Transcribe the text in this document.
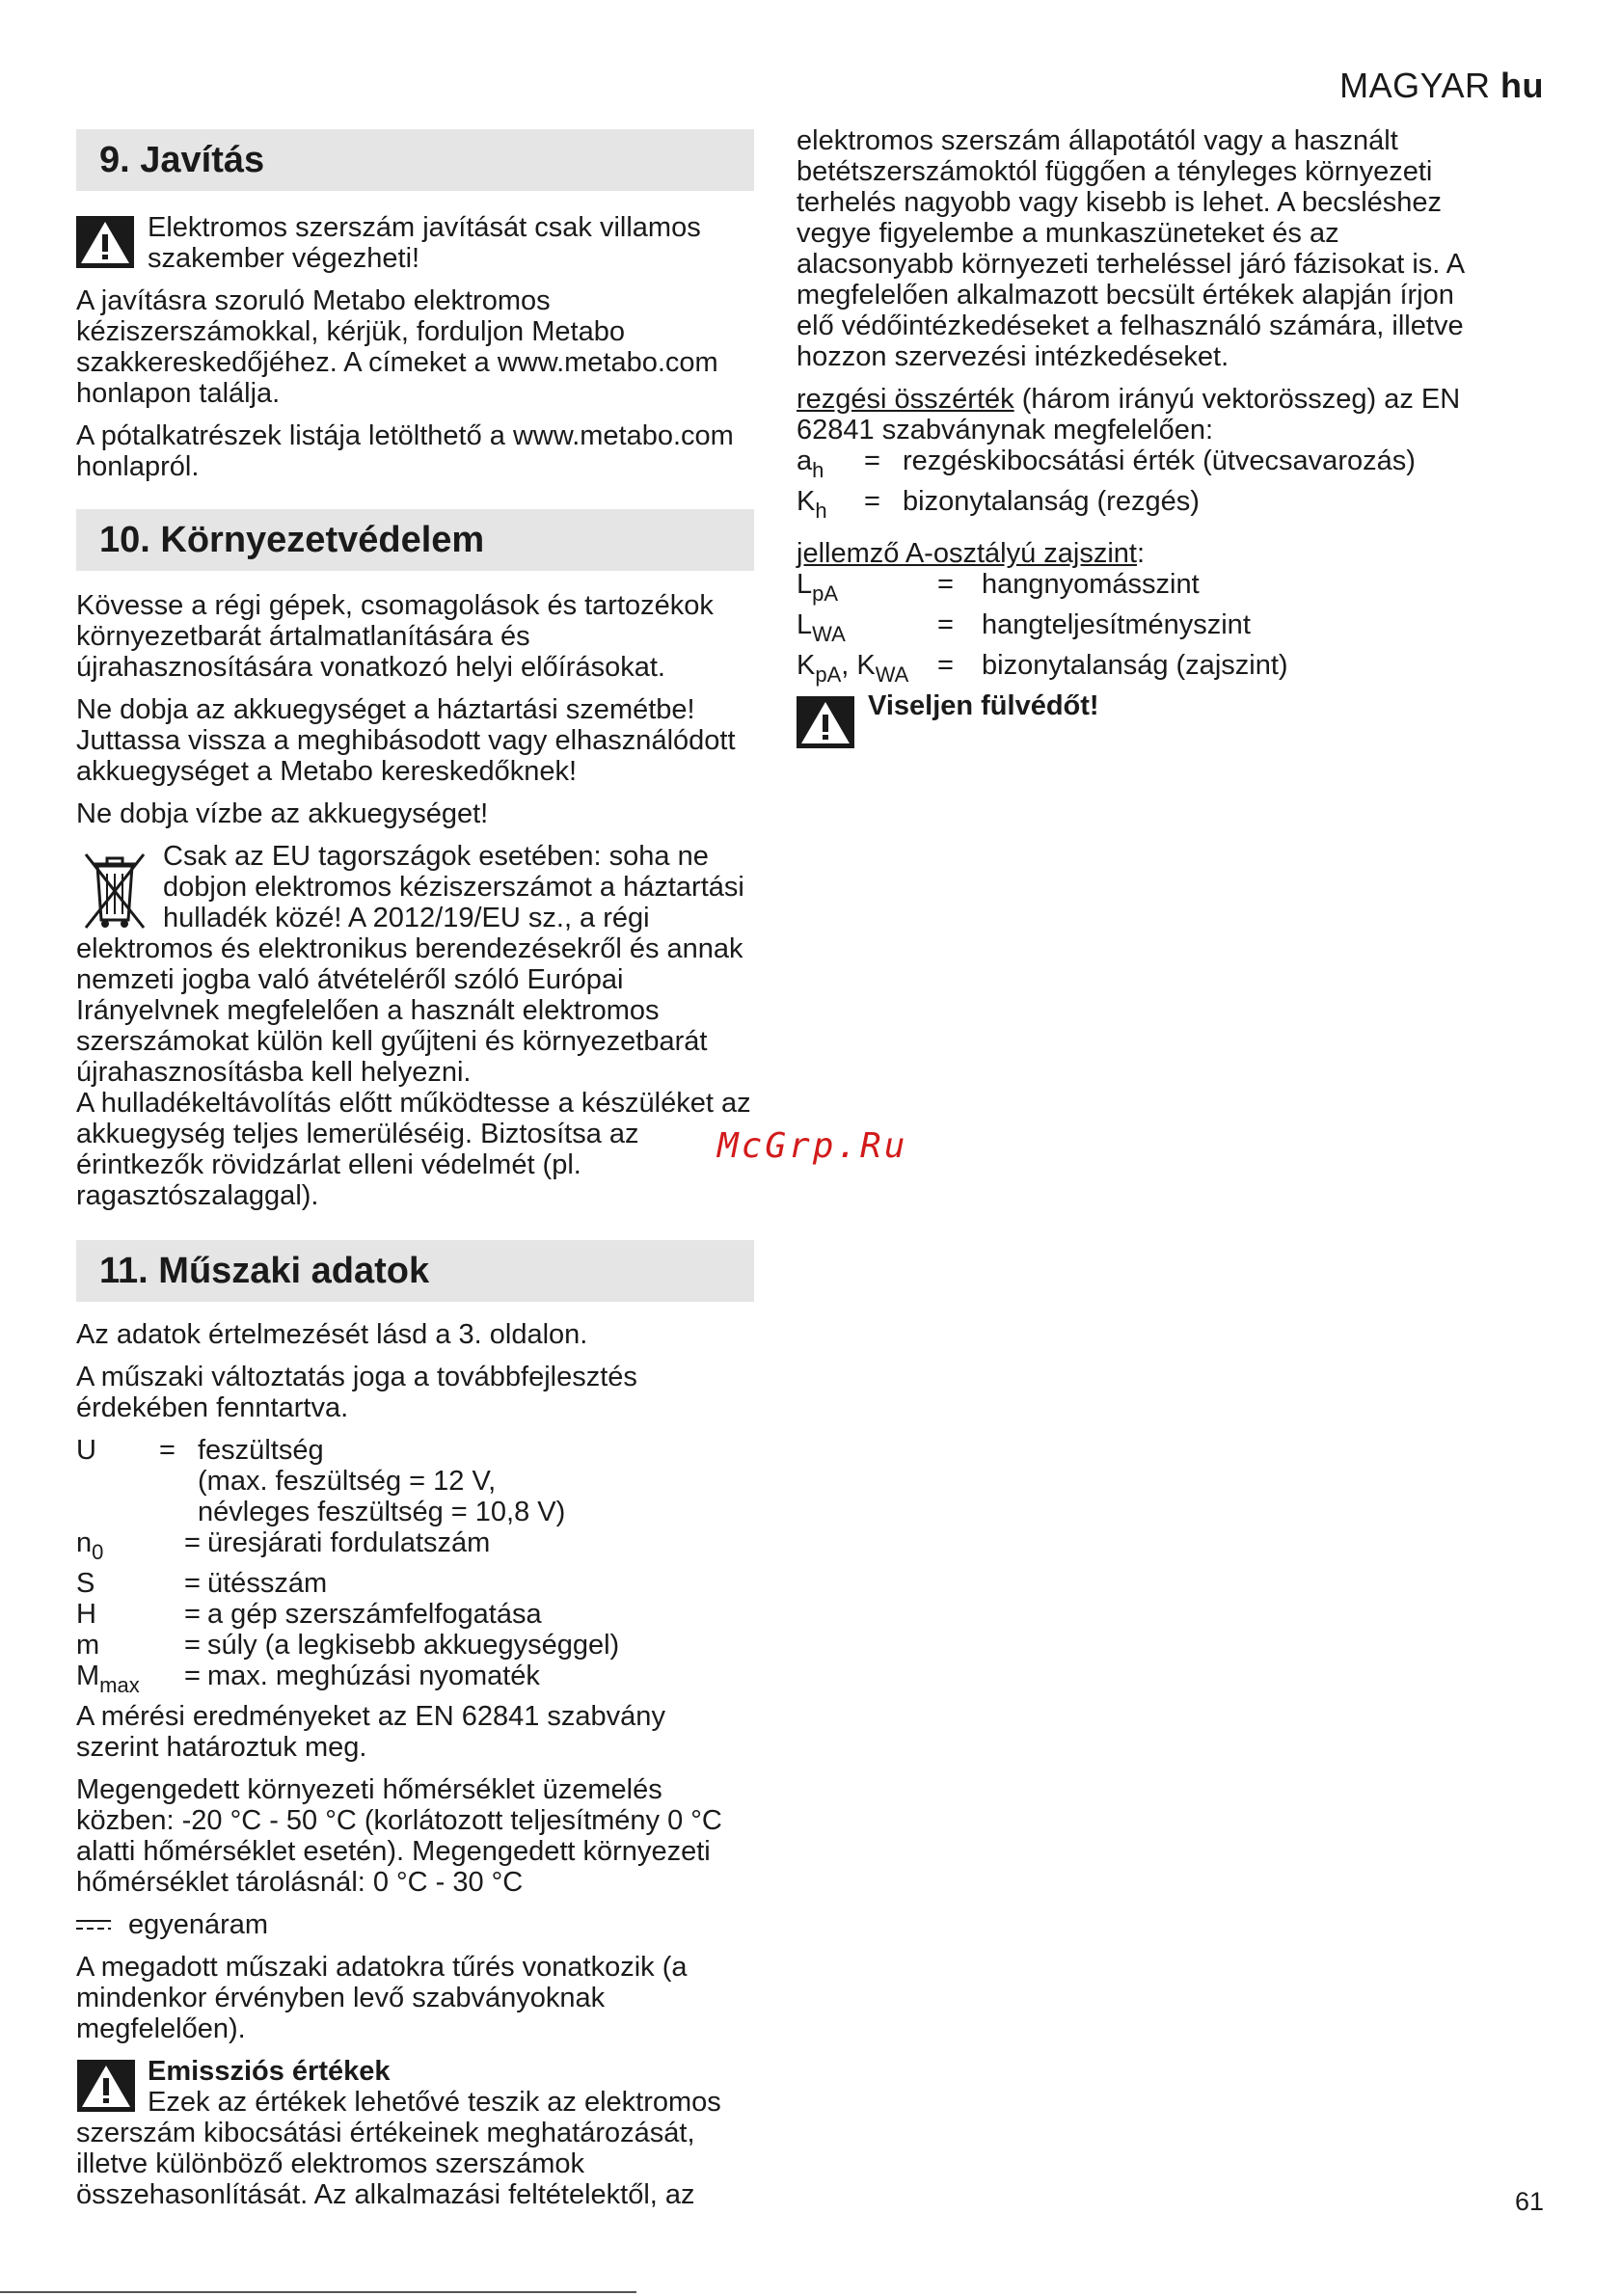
MAGYAR hu
9. Javítás
Elektromos szerszám javítását csak villamos szakember végezheti!

A javításra szoruló Metabo elektromos kéziszerszámokkal, kérjük, forduljon Metabo szakkereskedőjéhez. A címeket a www.metabo.com honlapon találja.

A pótalkatrészek listája letölthető a www.metabo.com honlapról.

10. Környezetvédelem

Kövesse a régi gépek, csomagolások és tartozékok környezetbarát ártalmatlanítására és újrahasznosítására vonatkozó helyi előírásokat.

Ne dobja az akkuegységet a háztartási szemétbe! Juttassa vissza a meghibásodott vagy elhasználódott akkuegységet a Metabo kereskedőknek!

Ne dobja vízbe az akkuegységet!

Csak az EU tagországok esetében: soha ne dobjon elektromos kéziszerszámot a háztartási hulladék közé! A 2012/19/EU sz., a régi elektromos és elektronikus berendezésekről és annak nemzeti jogba való átvételéről szóló Európai Irányelvnek megfelelően a használt elektromos szerszámokat külön kell gyűjteni és környezetbarát újrahasznosításba kell helyezni.

A hulladékeltávolítás előtt működtesse a készüléket az akkuegység teljes lemerüléséig. Biztosítsa az érintkezők rövidzárlat elleni védelmét (pl. ragasztószalaggal).

11. Műszaki adatok

Az adatok értelmezését lásd a 3. oldalon.

A műszaki változtatás joga a továbbfejlesztés érdekében fenntartva.

U	= feszültség
(max. feszültség = 12 V,
névleges feszültség = 10,8 V)
$n_0$	= üresjárati fordulatszám
S	= ütésszám
H	= a gép szerszámfelfogatása
m	= súly (a legkisebb akkuegységgel)
$M_{max}$	= max. meghúzási nyomaték

A mérési eredményeket az EN 62841 szabvány szerint határoztuk meg.

Megengedett környezeti hőmérséklet üzemelés közben: -20 °C - 50 °C (korlátozott teljesítmény 0 °C alatti hőmérséklet esetén). Megengedett környezeti hőmérséklet tárolásnál: 0 °C - 30 °C

egyenáram

A megadott műszaki adatokra tűrés vonatkozik (a mindenkor érvényben levő szabványoknak megfelelően).

Emissziós értékek
Ezek az értékek lehetővé teszik az elektromos szerszám kibocsátási értékeinek meghatározását, illetve különböző elektromos szerszámok összehasonlítását. Az alkalmazási feltételektől, az

elektromos szerszám állapotától vagy a használt betétszerszámoktól függően a tényleges környezeti terhelés nagyobb vagy kisebb is lehet. A becsléshez vegye figyelembe a munkaszüneteket és az alacsonyabb környezeti terheléssel járó fázisokat is. A megfelelően alkalmazott becsült értékek alapján írjon elő védőintézkedéseket a felhasználó számára, illetve hozzon szervezési intézkedéseket.

rezgési összérték (három irányú vektorösszeg) az EN 62841 szabványnak megfelelően:

$a_h$	= rezgéskibocsátási érték (ütvecsavarozás)
$K_h$	= bizonytalanság (rezgés)
jellemző A-osztályú zajszint:
$L_{pA}$	=	hangnyomásszint
$L_{WA}$	=	hangteljesítményszint
$K_{pA}$, $K_{WA}$	=	bizonytalanság (zajszint)
Viseljen fülvédőt!
McGrp.Ru
61
